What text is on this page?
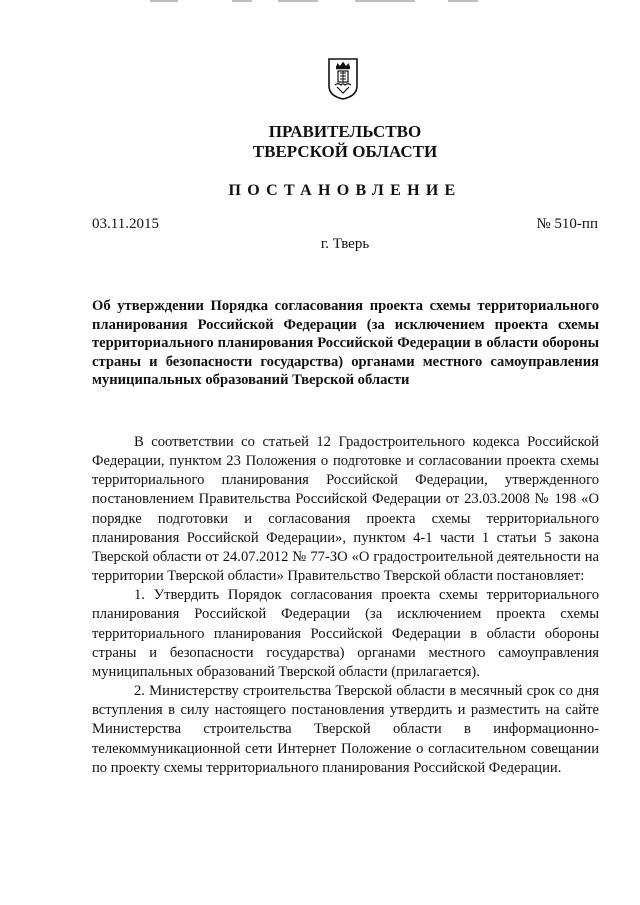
ПРАВИТЕЛЬСТВО
ТВЕРСКОЙ ОБЛАСТИ
ПОСТАНОВЛЕНИЕ
03.11.2015	№ 510-пп
г. Тверь
Об утверждении Порядка согласования проекта схемы территориального планирования Российской Федерации (за исключением проекта схемы территориального планирования Российской Федерации в области обороны страны и безопасности государства) органами местного самоуправления муниципальных образований Тверской области

В соответствии со статьей 12 Градостроительного кодекса Российской Федерации, пунктом 23 Положения о подготовке и согласовании проекта схемы территориального планирования Российской Федерации, утвержденного постановлением Правительства Российской Федерации от 23.03.2008 № 198 «О порядке подготовки и согласования проекта схемы территориального планирования Российской Федерации», пунктом 4-1 части 1 статьи 5 закона Тверской области от 24.07.2012 № 77-ЗО «О градостроительной деятельности на территории Тверской области» Правительство Тверской области постановляет:

1. Утвердить Порядок согласования проекта схемы территориального планирования Российской Федерации (за исключением проекта схемы территориального планирования Российской Федерации в области обороны страны и безопасности государства) органами местного самоуправления муниципальных образований Тверской области (прилагается).

2. Министерству строительства Тверской области в месячный срок со дня вступления в силу настоящего постановления утвердить и разместить на сайте Министерства строительства Тверской области в информационно-телекоммуникационной сети Интернет Положение о согласительном совещании по проекту схемы территориального планирования Российской Федерации.
